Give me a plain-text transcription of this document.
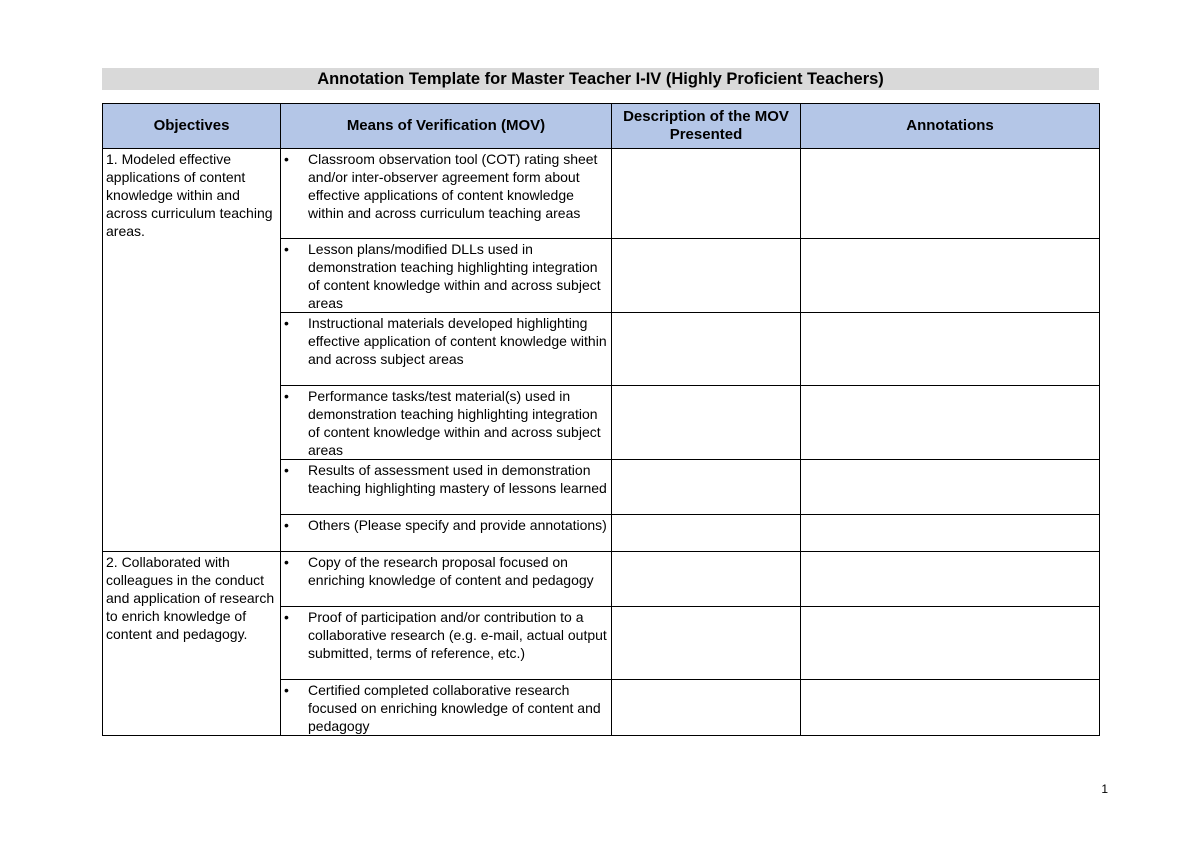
Annotation Template for Master Teacher I-IV (Highly Proficient Teachers)
Objectives	Means of Verification (MOV)	Description of the MOV Presented	Annotations
1. Modeled effective applications of content knowledge within and across curriculum teaching areas.	• Classroom observation tool (COT) rating sheet and/or inter-observer agreement form about effective applications of content knowledge within and across curriculum teaching areas		

	• Lesson plans/modified DLLs used in demonstration teaching highlighting integration of content knowledge within and across subject areas		

	• Instructional materials developed highlighting effective application of content knowledge within and across subject areas		

	• Performance tasks/test material(s) used in demonstration teaching highlighting integration of content knowledge within and across subject areas		

	• Results of assessment used in demonstration teaching highlighting mastery of lessons learned		

	• Others (Please specify and provide annotations)		

2. Collaborated with colleagues in the conduct and application of research to enrich knowledge of content and pedagogy.	• Copy of the research proposal focused on enriching knowledge of content and pedagogy		

	• Proof of participation and/or contribution to a collaborative research (e.g. e-mail, actual output submitted, terms of reference, etc.)		

	• Certified completed collaborative research focused on enriching knowledge of content and pedagogy		

1
